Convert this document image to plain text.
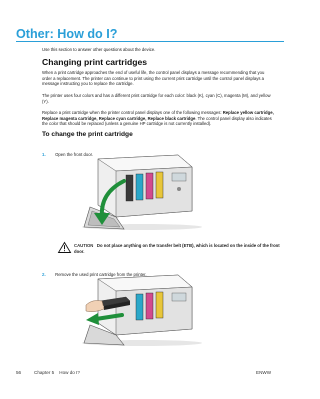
Other: How do I?
Use this section to answer other questions about the device.
Changing print cartridges
When a print cartridge approaches the end of useful life, the control panel displays a message recommending that you order a replacement. The printer can continue to print using the current print cartridge until the control panel displays a message instructing you to replace the cartridge.
The printer uses four colors and has a different print cartridge for each color: black (K), cyan (C), magenta (M), and yellow (Y).
Replace a print cartridge when the printer control panel displays one of the following messages: Replace yellow cartridge, Replace magenta cartridge, Replace cyan cartridge, Replace black cartridge. The control panel display also indicates the color that should be replaced (unless a genuine HP cartridge is not currently installed).
To change the print cartridge
1. Open the front door.
CAUTION Do not place anything on the transfer belt (ETB), which is located on the inside of the front door.
2. Remove the used print cartridge from the printer.
56	Chapter 5    How do I?	ENWW
